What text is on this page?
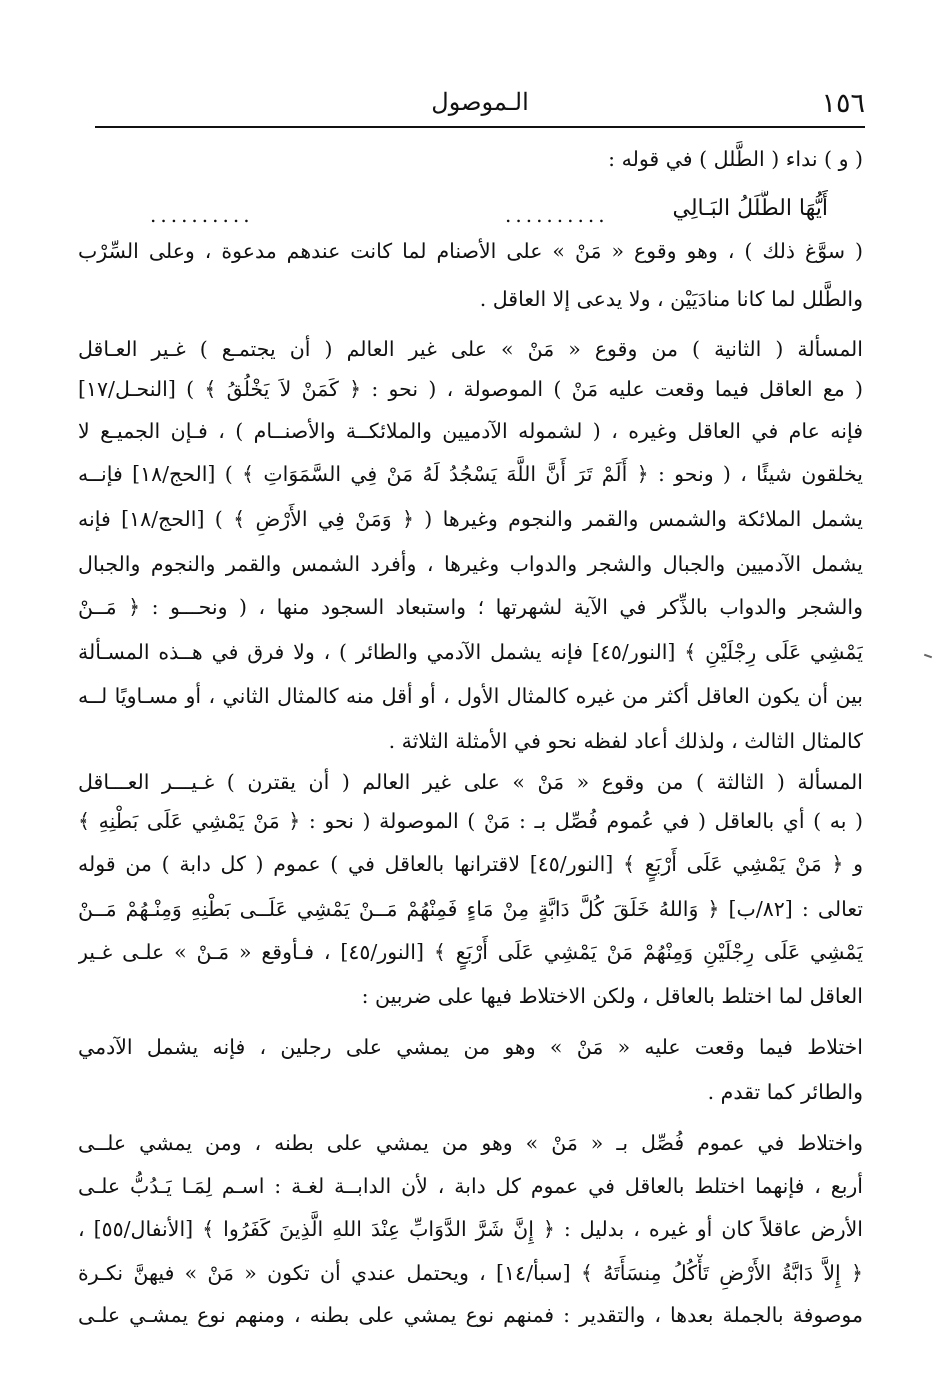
١٥٦
الـموصول
( و ) نداء ( الطَّلل ) في قوله :
أَيُّهَا الطَّلَلُ البَـالِي
..........	..........
( سوَّغ ذلك ) ، وهو وقوع « مَنْ » على الأصنام لما كانت عندهم مدعوة ، وعلى السِّرْب
والطَّلل لما كانا منادَيَيْن ، ولا يدعى إلا العاقل .
المسألة ( الثانية ) من وقوع « مَنْ » على غير العالم ( أن يجتمـع ) غـير العـاقل
( مع العاقل فيما وقعت عليه مَنْ ) الموصولة ، ( نحو : ﴿ كَمَنْ لاَ يَخْلُقُ ﴾ ) [النحـل/١٧]
فإنه عام في العاقل وغيره ، ( لشموله الآدميين والملائكــة والأصنــام ) ، فـإن الجميـع لا
يخلقون شيئًا ، ( ونحو : ﴿ أَلَمْ تَرَ أَنَّ اللَّهَ يَسْجُدُ لَهُ مَنْ فِي السَّمَوَاتِ ﴾ ) [الحج/١٨] فإنــه
يشمل الملائكة والشمس والقمر والنجوم وغيرها ( ﴿ وَمَنْ فِي الأَرْضِ ﴾ ) [الحج/١٨] فإنه
يشمل الآدميين والجبال والشجر والدواب وغيرها ، وأفرد الشمس والقمر والنجوم والجبال
والشجر والدواب بالذِّكر في الآية لشهرتها ؛ واستبعاد السجود منها ، ( ونحـــو : ﴿ مَــنْ
يَمْشِي عَلَى رِجْلَيْنِ ﴾ [النور/٤٥] فإنه يشمل الآدمي والطائر ) ، ولا فرق في هــذه المسـألة
بين أن يكون العاقل أكثر من غيره كالمثال الأول ، أو أقل منه كالمثال الثاني ، أو مسـاويًا لــه
كالمثال الثالث ، ولذلك أعاد لفظه نحو في الأمثلة الثلاثة .
المسألة ( الثالثة ) من وقوع « مَنْ » على غير العالم ( أن يقترن ) غـيـــر العـــاقل
( به ) أي بالعاقل ( في عُموم فُصِّل بـ : مَنْ ) الموصولة ( نحو : ﴿ مَنْ يَمْشِي عَلَى بَطْنِهِ ﴾
و ﴿ مَنْ يَمْشِي عَلَى أَرْبَعٍ ﴾ [النور/٤٥] لاقترانها بالعاقل في ) عموم ( كل دابة ) من قوله
تعالى : [٨٢/ب] ﴿ وَاللهُ خَلَقَ كُلَّ دَابَّةٍ مِنْ مَاءٍ فَمِنْهُمْ مَــنْ يَمْشِي عَلَــى بَطْنِهِ وَمِنْـهُمْ مَــنْ
يَمْشِي عَلَى رِجْلَيْنِ وَمِنْهُمْ مَنْ يَمْشِي عَلَى أَرْبَعٍ ﴾ [النور/٤٥] ، فـأوقع « مَـنْ » علـى غـير
العاقل لما اختلط بالعاقل ، ولكن الاختلاط فيها على ضربين :
اختلاط فيما وقعت عليه « مَنْ » وهو من يمشي على رجلين ، فإنه يشمل الآدمي
والطائر كما تقدم .
واختلاط في عموم فُصِّل بـ « مَنْ » وهو من يمشي على بطنه ، ومن يمشي علــى
أربع ، فإنهما اختلط بالعاقل في عموم كل دابة ، لأن الدابــة لغـة : اسـم لِمَـا يَـدُبُّ علـى
الأرض عاقلاً كان أو غيره ، بدليل : ﴿ إِنَّ شَرَّ الدَّوَابِّ عِنْدَ اللهِ الَّذِينَ كَفَرُوا ﴾ [الأنفال/٥٥] ،
﴿ إِلاَّ دَابَّةُ الأَرْضِ تَأْكُلُ مِنسَأَتَهُ ﴾ [سبأ/١٤] ، ويحتمل عندي أن تكون « مَنْ » فيهنَّ نكـرة
موصوفة بالجملة بعدها ، والتقدير : فمنهم نوع يمشي على بطنه ، ومنهم نوع يمشـي علـى
